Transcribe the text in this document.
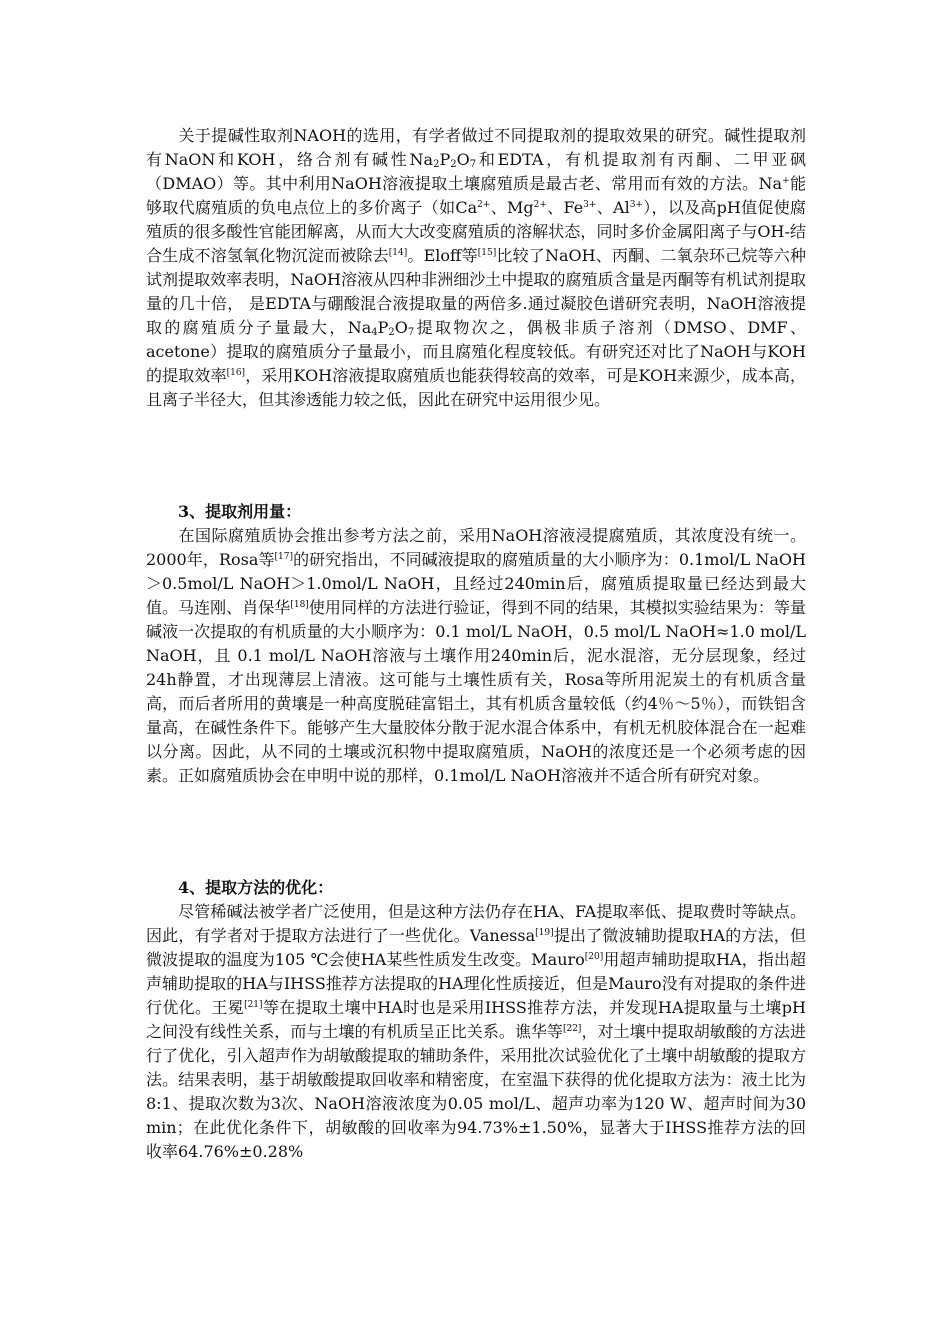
关于提碱性取剂NAOH的选用，有学者做过不同提取剂的提取效果的研究。碱性提取剂有NaON和KOH，络合剂有碱性$Na_2P_2O_7$和EDTA，有机提取剂有丙酮、二甲亚砜（DMAO）等。其中利用NaOH溶液提取土壤腐殖质是最古老、常用而有效的方法。Na+能够取代腐殖质的负电点位上的多价离子（如$Ca^{2+}$、$Mg^{2+}$、$Fe^{3+}$、$Al^{3+}$），以及高pH值促使腐殖质的很多酸性官能团解离，从而大大改变腐殖质的溶解状态，同时多价金属阳离子与OH-结合生成不溶氢氧化物沉淀而被除去[14]。Eloff等[15]比较了NaOH、丙酮、二氧杂环己烷等六种试剂提取效率表明，NaOH溶液从四种非洲细沙土中提取的腐殖质含量是丙酮等有机试剂提取量的几十倍， 是EDTA与硼酸混合液提取量的两倍多.通过凝胶色谱研究表明，NaOH溶液提取的腐殖质分子量最大，$Na_4P_2O_7$提取物次之，偶极非质子溶剂（DMSO、DMF、acetone）提取的腐殖质分子量最小，而且腐殖化程度较低。有研究还对比了NaOH与KOH的提取效率[16]，采用KOH溶液提取腐殖质也能获得较高的效率，可是KOH来源少，成本高，且离子半径大，但其渗透能力较之低，因此在研究中运用很少见。

3、提取剂用量：

在国际腐殖质协会推出参考方法之前，采用NaOH溶液浸提腐殖质，其浓度没有统一。2000年，Rosa等[17]的研究指出，不同碱液提取的腐殖质量的大小顺序为：0.1mol/L NaOH＞0.5mol/L NaOH＞1.0mol/L NaOH，且经过240min后，腐殖质提取量已经达到最大值。马连刚、肖保华[18]使用同样的方法进行验证，得到不同的结果，其模拟实验结果为：等量碱液一次提取的有机质量的大小顺序为：0.1 mol/L NaOH，0.5 mol/L NaOH≈1.0 mol/L NaOH，且 0.1 mol/L NaOH溶液与土壤作用240min后，泥水混溶，无分层现象，经过24h静置，才出现薄层上清液。这可能与土壤性质有关，Rosa等所用泥炭土的有机质含量高，而后者所用的黄壤是一种高度脱硅富铝土，其有机质含量较低（约4％～5％），而铁铝含量高，在碱性条件下。能够产生大量胶体分散于泥水混合体系中，有机无机胶体混合在一起难以分离。因此，从不同的土壤或沉积物中提取腐殖质，NaOH的浓度还是一个必须考虑的因素。正如腐殖质协会在申明中说的那样，0.1mol/L NaOH溶液并不适合所有研究对象。

4、提取方法的优化：

尽管稀碱法被学者广泛使用，但是这种方法仍存在HA、FA提取率低、提取费时等缺点。因此，有学者对于提取方法进行了一些优化。Vanessa[19]提出了微波辅助提取HA的方法，但微波提取的温度为105 ℃会使HA某些性质发生改变。Mauro[20]用超声辅助提取HA，指出超声辅助提取的HA与IHSS推荐方法提取的HA理化性质接近，但是Mauro没有对提取的条件进行优化。王冕[21]等在提取土壤中HA时也是采用IHSS推荐方法，并发现HA提取量与土壤pH之间没有线性关系，而与土壤的有机质呈正比关系。谯华等[22]，对土壤中提取胡敏酸的方法进行了优化，引入超声作为胡敏酸提取的辅助条件，采用批次试验优化了土壤中胡敏酸的提取方法。结果表明，基于胡敏酸提取回收率和精密度，在室温下获得的优化提取方法为：液土比为8:1、提取次数为3次、NaOH溶液浓度为0.05 mol/L、超声功率为120 W、超声时间为30 min；在此优化条件下，胡敏酸的回收率为94.73%±1.50%，显著大于IHSS推荐方法的回收率64.76%±0.28%
